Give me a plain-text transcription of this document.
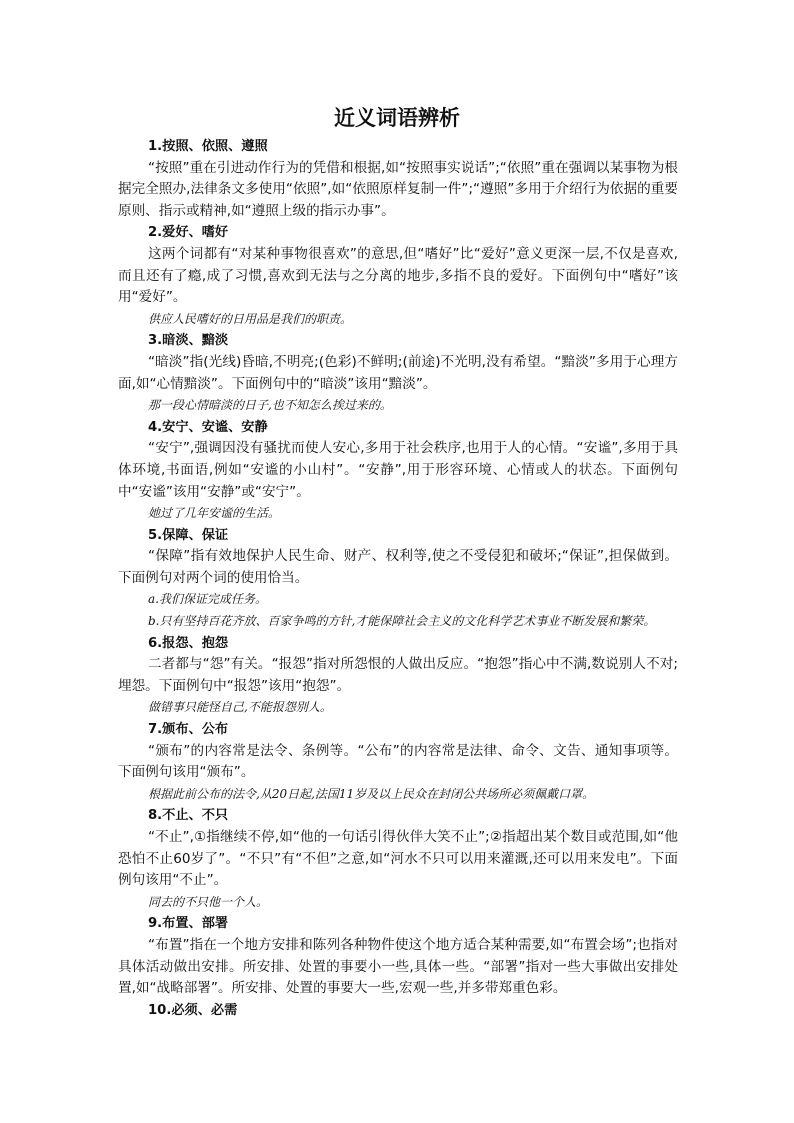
近义词语辨析
1.按照、依照、遵照
“按照”重在引进动作行为的凭借和根据,如“按照事实说话”;“依照”重在强调以某事物为根据完全照办,法律条文多使用“依照”,如“依照原样复制一件”;“遵照”多用于介绍行为依据的重要原则、指示或精神,如“遵照上级的指示办事”。
2.爱好、嗜好
这两个词都有“对某种事物很喜欢”的意思,但“嗜好”比“爱好”意义更深一层,不仅是喜欢,而且还有了瘾,成了习惯,喜欢到无法与之分离的地步,多指不良的爱好。下面例句中“嗜好”该用“爱好”。
供应人民嗜好的日用品是我们的职责。
3.暗淡、黯淡
“暗淡”指(光线)昏暗,不明亮;(色彩)不鲜明;(前途)不光明,没有希望。“黯淡”多用于心理方面,如“心情黯淡”。下面例句中的“暗淡”该用“黯淡”。
那一段心情暗淡的日子,也不知怎么挨过来的。
4.安宁、安谧、安静
“安宁”,强调因没有骚扰而使人安心,多用于社会秩序,也用于人的心情。“安谧”,多用于具体环境,书面语,例如“安谧的小山村”。“安静”,用于形容环境、心情或人的状态。下面例句中“安谧”该用“安静”或“安宁”。
她过了几年安谧的生活。
5.保障、保证
“保障”指有效地保护人民生命、财产、权利等,使之不受侵犯和破坏;“保证”,担保做到。下面例句对两个词的使用恰当。
a.我们保证完成任务。
b.只有坚持百花齐放、百家争鸣的方针,才能保障社会主义的文化科学艺术事业不断发展和繁荣。
6.报怨、抱怨
二者都与“怨”有关。“报怨”指对所怨恨的人做出反应。“抱怨”指心中不满,数说别人不对;埋怨。下面例句中“报怨”该用“抱怨”。
做错事只能怪自己,不能报怨别人。
7.颁布、公布
“颁布”的内容常是法令、条例等。“公布”的内容常是法律、命令、文告、通知事项等。下面例句该用“颁布”。
根据此前公布的法令,从20日起,法国11岁及以上民众在封闭公共场所必须佩戴口罩。
8.不止、不只
“不止”,①指继续不停,如“他的一句话引得伙伴大笑不止”;②指超出某个数目或范围,如“他恐怕不止60岁了”。“不只”有“不但”之意,如“河水不只可以用来灌溉,还可以用来发电”。下面例句该用“不止”。
同去的不只他一个人。
9.布置、部署
“布置”指在一个地方安排和陈列各种物件使这个地方适合某种需要,如“布置会场”;也指对具体活动做出安排。所安排、处置的事要小一些,具体一些。“部署”指对一些大事做出安排处置,如“战略部署”。所安排、处置的事要大一些,宏观一些,并多带郑重色彩。
10.必须、必需
